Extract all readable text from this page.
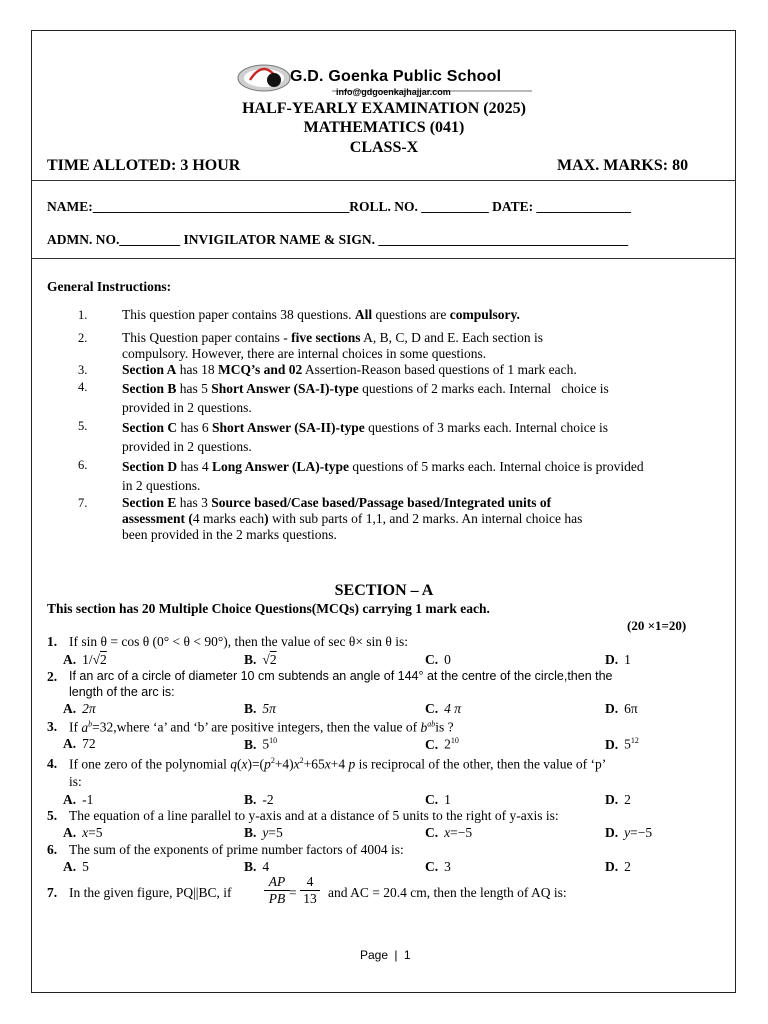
G.D. Goenka Public School
info@gdgoenkajhajjar.com
HALF-YEARLY EXAMINATION (2025)
MATHEMATICS (041)
CLASS-X
TIME ALLOTED: 3 HOUR	MAX. MARKS: 80
NAME:______________________________________ROLL. NO. __________ DATE: ______________
ADMN. NO._________ INVIGILATOR NAME & SIGN. _____________________________________
General Instructions:
1.	This question paper contains 38 questions. All questions are compulsory.
2.	This Question paper contains - five sections A, B, C, D and E. Each section is
compulsory. However, there are internal choices in some questions.
3.	Section A has 18 MCQ’s and 02 Assertion-Reason based questions of 1 mark each.
4.	Section B has 5 Short Answer (SA-I)-type questions of 2 marks each. Internal   choice is
provided in 2 questions.
5.	Section C has 6 Short Answer (SA-II)-type questions of 3 marks each. Internal choice is
provided in 2 questions.
6.	Section D has 4 Long Answer (LA)-type questions of 5 marks each. Internal choice is provided
in 2 questions.
7.	Section E has 3 Source based/Case based/Passage based/Integrated units of
assessment (4 marks each) with sub parts of 1,1, and 2 marks. An internal choice has
been provided in the 2 marks questions.
SECTION – A
This section has 20 Multiple Choice Questions(MCQs) carrying 1 mark each.
(20 ×1=20)
1. If sin θ = cos θ (0° < θ < 90°), then the value of sec θ× sin θ is:
A. 1/√2	B. √2	C. 0	D. 1
2. If an arc of a circle of diameter 10 cm subtends an angle of 144° at the centre of the circle,then the
length of the arc is:
A. 2π	B. 5π	C. 4 π	D. 6π
3. If $a^b=32,where$ ‘a’ and ‘b’ are positive integers, then the value of $b^{ab}is$ ?
A. 72	B. $5^{10}$	C. $2^{10}$	D. $5^{12}$
4. If one zero of the polynomial $q(x)=(p^2+4)x^2+65x+4$ p is reciprocal of the other, then the value of ‘p’
is:
A. -1	B. -2	C. 1	D. 2
5. The equation of a line parallel to y-axis and at a distance of 5 units to the right of y-axis is:
A. x=5	B. y=5	C. x=−5	D. y=−5
6. The sum of the exponents of prime number factors of 4004 is:
A. 5	B. 4	C. 3	D. 2
7. In the given figure, PQ||BC, if
AP
PB =
4
13 and AC = 20.4 cm, then the length of AQ is:
Page | 1
